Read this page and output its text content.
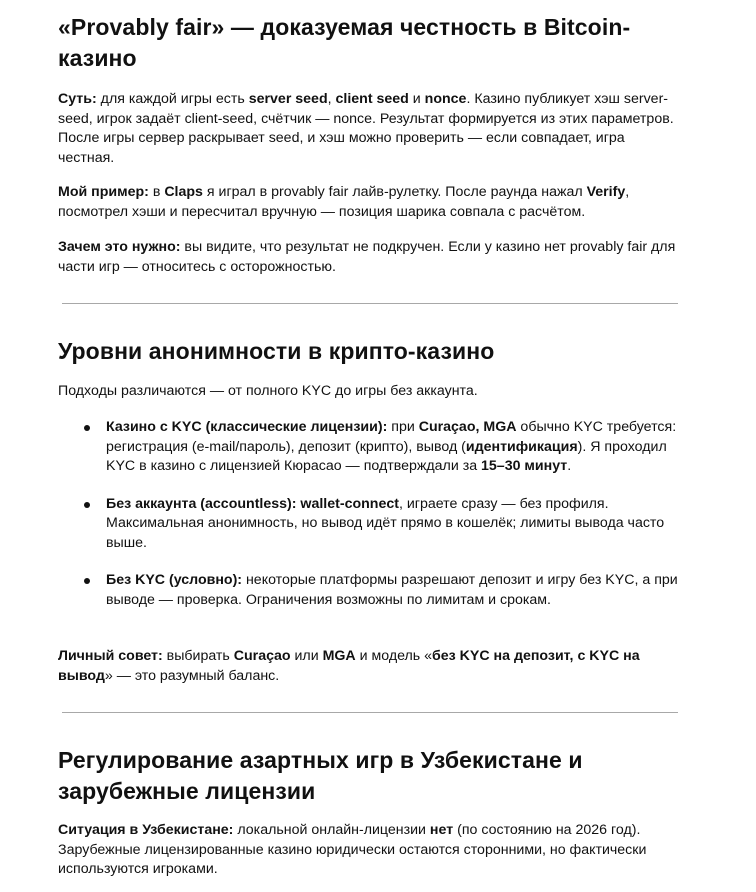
«Provably fair» — доказуемая честность в Bitcoin-казино

Суть: для каждой игры есть server seed, client seed и nonce. Казино публикует хэш server-seed, игрок задаёт client-seed, счётчик — nonce. Результат формируется из этих параметров. После игры сервер раскрывает seed, и хэш можно проверить — если совпадает, игра честная.

Мой пример: в Claps я играл в provably fair лайв-рулетку. После раунда нажал Verify, посмотрел хэши и пересчитал вручную — позиция шарика совпала с расчётом.

Зачем это нужно: вы видите, что результат не подкручен. Если у казино нет provably fair для части игр — относитесь с осторожностью.

Уровни анонимности в крипто-казино

Подходы различаются — от полного KYC до игры без аккаунта.

Казино с KYC (классические лицензии): при Curaçao, MGA обычно KYC требуется: регистрация (e-mail/пароль), депозит (крипто), вывод (идентификация). Я проходил KYC в казино с лицензией Кюрасао — подтверждали за 15–30 минут.
Без аккаунта (accountless): wallet-connect, играете сразу — без профиля. Максимальная анонимность, но вывод идёт прямо в кошелёк; лимиты вывода часто выше.
Без KYC (условно): некоторые платформы разрешают депозит и игру без KYC, а при выводе — проверка. Ограничения возможны по лимитам и срокам.

Личный совет: выбирать Curaçao или MGA и модель «без KYC на депозит, с KYC на вывод» — это разумный баланс.

Регулирование азартных игр в Узбекистане и зарубежные лицензии

Ситуация в Узбекистане: локальной онлайн-лицензии нет (по состоянию на 2026 год). Зарубежные лицензированные казино юридически остаются сторонними, но фактически используются игроками.
